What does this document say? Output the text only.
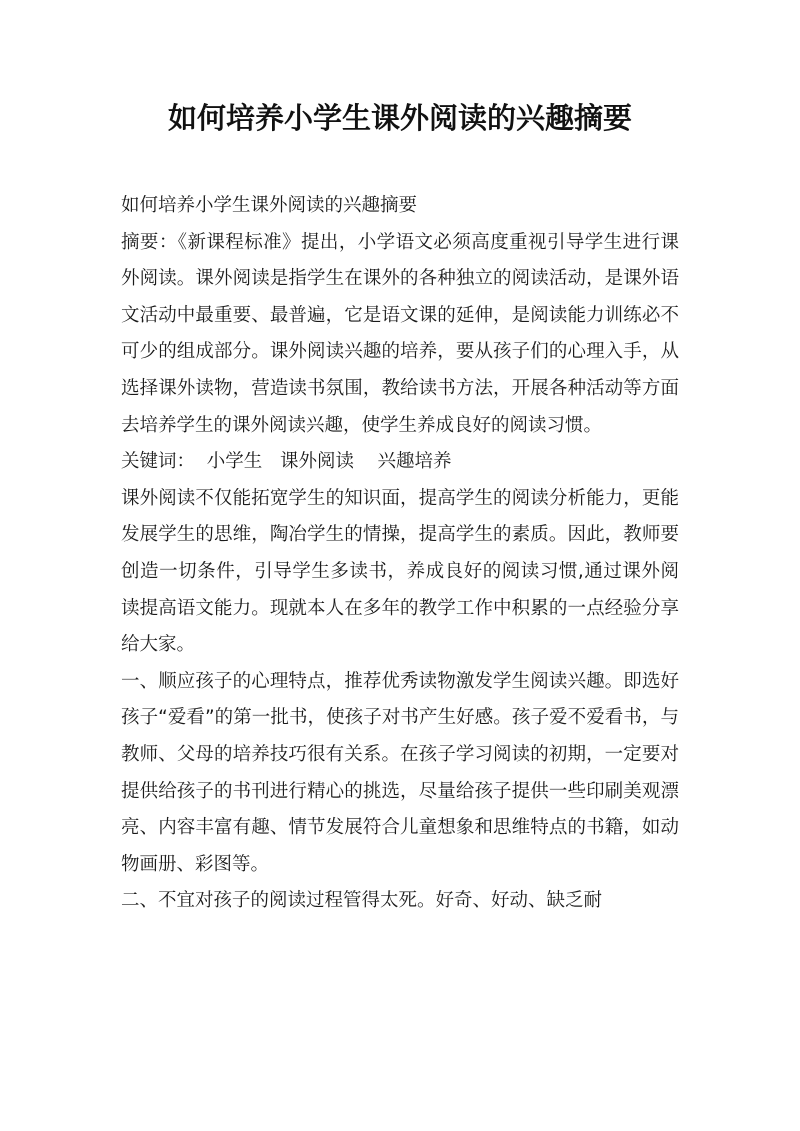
如何培养小学生课外阅读的兴趣摘要

如何培养小学生课外阅读的兴趣摘要

摘要：《新课程标准》提出，小学语文必须高度重视引导学生进行课外阅读。课外阅读是指学生在课外的各种独立的阅读活动，是课外语文活动中最重要、最普遍，它是语文课的延伸，是阅读能力训练必不可少的组成部分。课外阅读兴趣的培养，要从孩子们的心理入手，从选择课外读物，营造读书氛围，教给读书方法，开展各种活动等方面去培养学生的课外阅读兴趣，使学生养成良好的阅读习惯。

关键词： 小学生 课外阅读 兴趣培养

课外阅读不仅能拓宽学生的知识面，提高学生的阅读分析能力，更能发展学生的思维，陶冶学生的情操，提高学生的素质。因此，教师要创造一切条件，引导学生多读书，养成良好的阅读习惯,通过课外阅读提高语文能力。现就本人在多年的教学工作中积累的一点经验分享给大家。

一、顺应孩子的心理特点，推荐优秀读物激发学生阅读兴趣。即选好孩子“爱看”的第一批书，使孩子对书产生好感。孩子爱不爱看书，与教师、父母的培养技巧很有关系。在孩子学习阅读的初期，一定要对提供给孩子的书刊进行精心的挑选，尽量给孩子提供一些印刷美观漂亮、内容丰富有趣、情节发展符合儿童想象和思维特点的书籍，如动物画册、彩图等。

二、不宜对孩子的阅读过程管得太死。好奇、好动、缺乏耐
